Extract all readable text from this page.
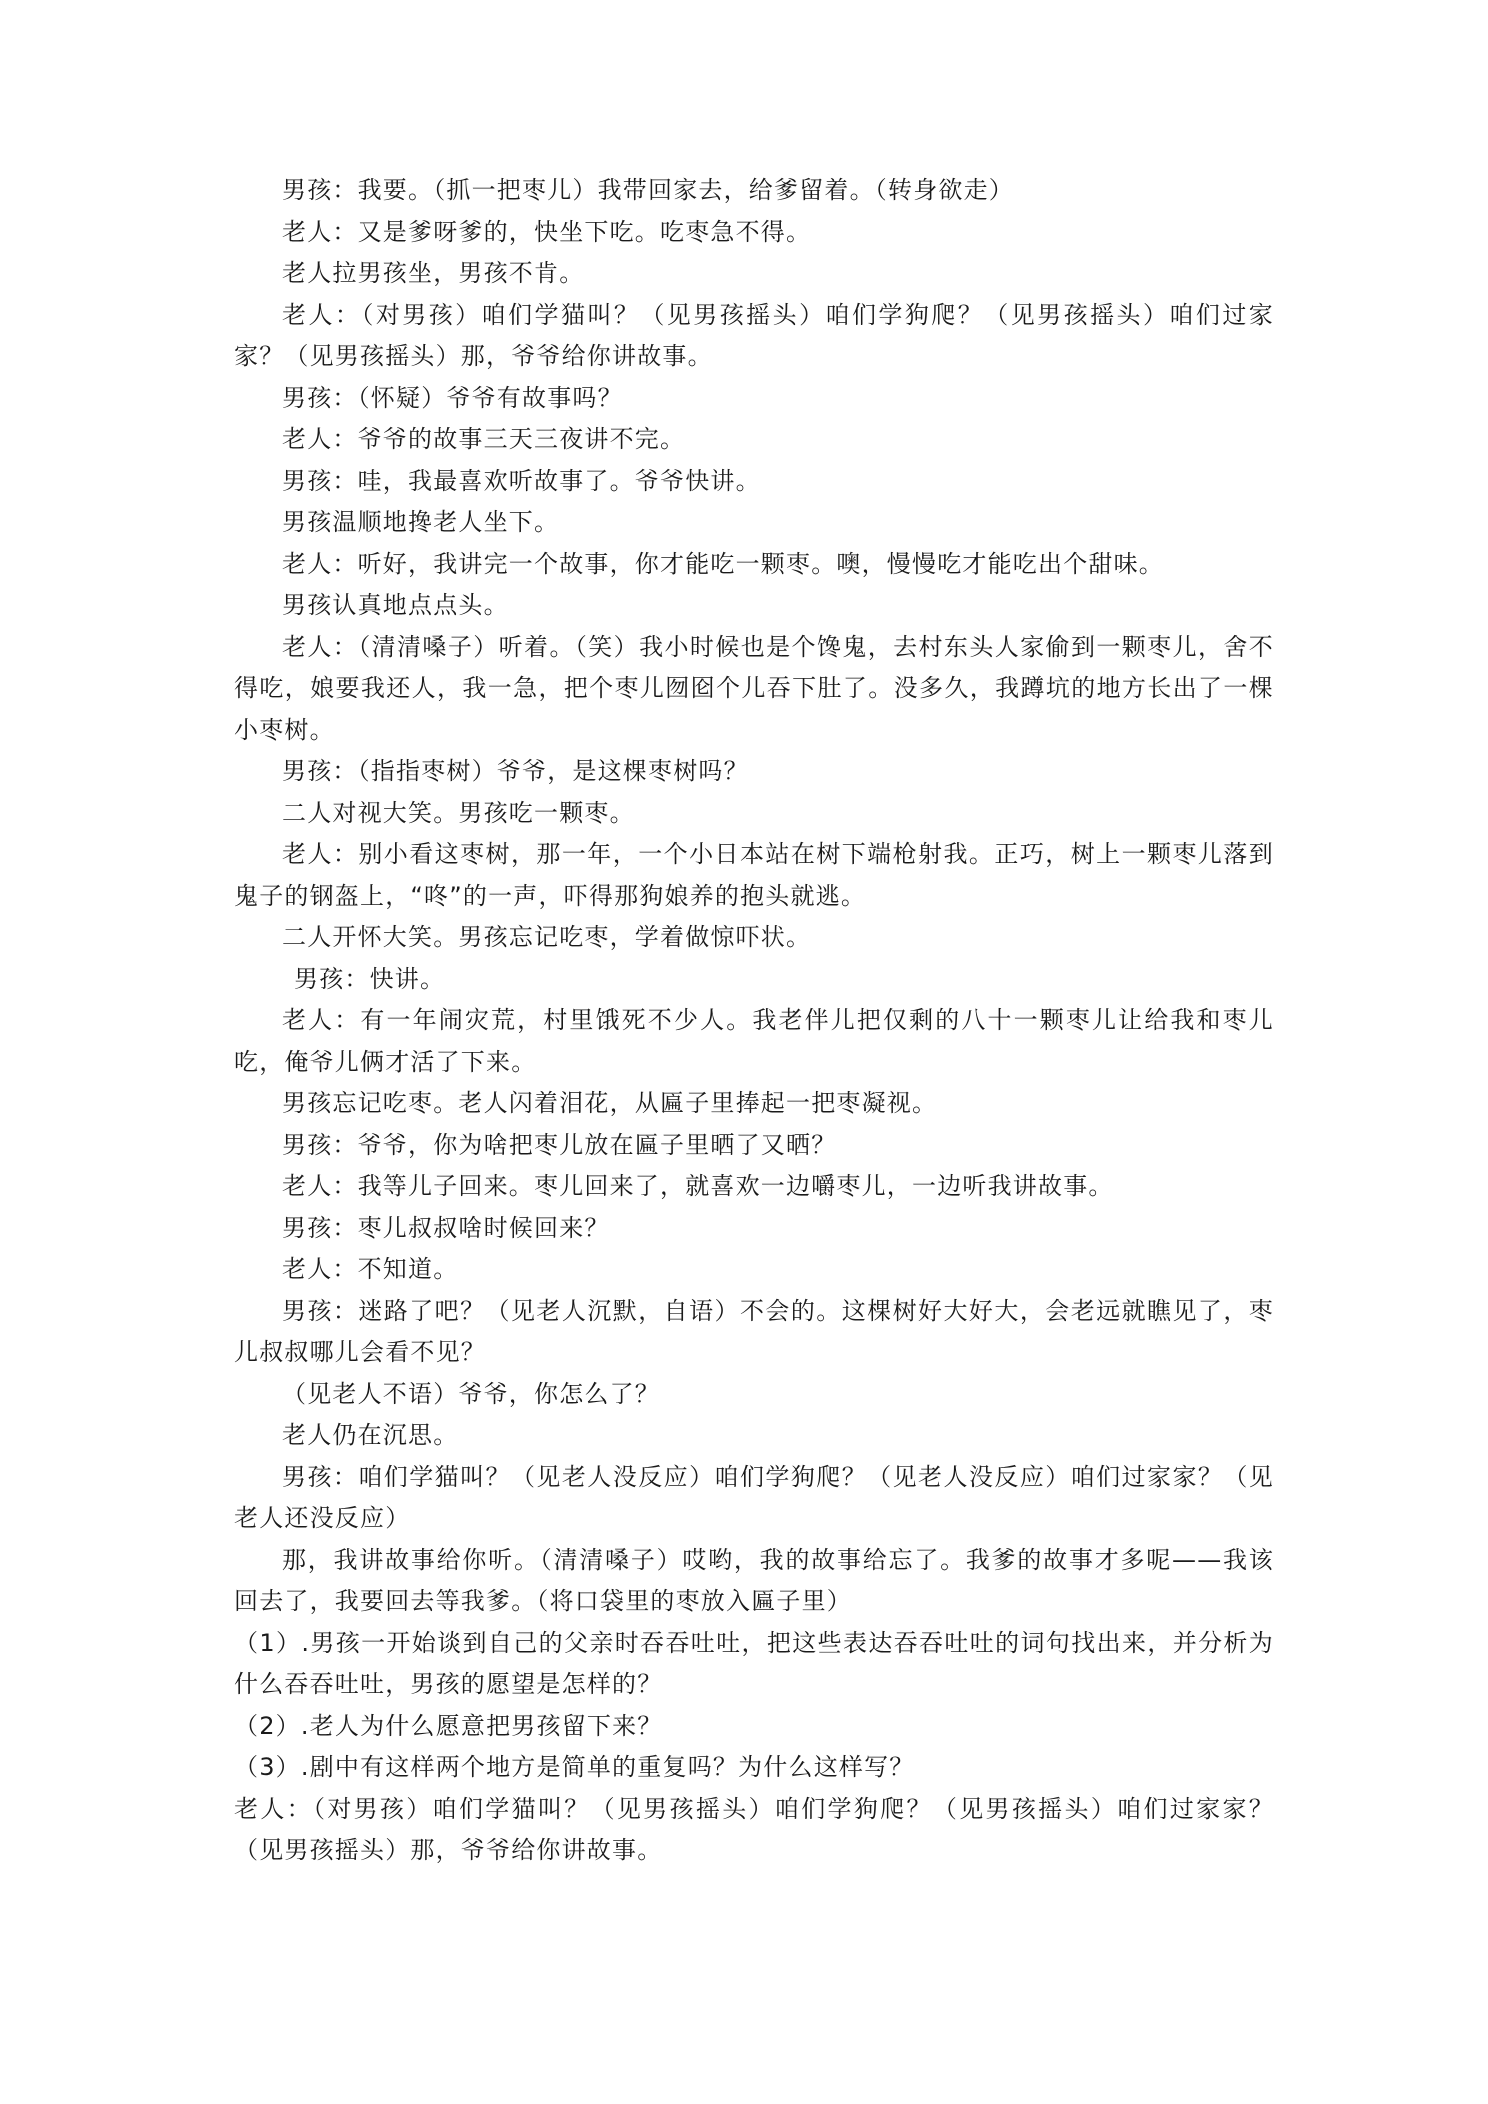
男孩：我要。（抓一把枣儿）我带回家去，给爹留着。（转身欲走）

老人：又是爹呀爹的，快坐下吃。吃枣急不得。

老人拉男孩坐，男孩不肯。

老人：（对男孩）咱们学猫叫？（见男孩摇头）咱们学狗爬？（见男孩摇头）咱们过家家？（见男孩摇头）那，爷爷给你讲故事。

男孩：（怀疑）爷爷有故事吗？

老人：爷爷的故事三天三夜讲不完。

男孩：哇，我最喜欢听故事了。爷爷快讲。

男孩温顺地搀老人坐下。

老人：听好，我讲完一个故事，你才能吃一颗枣。噢，慢慢吃才能吃出个甜味。

男孩认真地点点头。

老人：（清清嗓子）听着。（笑）我小时候也是个馋鬼，去村东头人家偷到一颗枣儿，舍不得吃，娘要我还人，我一急，把个枣儿囫囵个儿吞下肚了。没多久，我蹲坑的地方长出了一棵小枣树。

男孩：（指指枣树）爷爷，是这棵枣树吗？

二人对视大笑。男孩吃一颗枣。

老人：别小看这枣树，那一年，一个小日本站在树下端枪射我。正巧，树上一颗枣儿落到鬼子的钢盔上，“咚”的一声，吓得那狗娘养的抱头就逃。

二人开怀大笑。男孩忘记吃枣，学着做惊吓状。

男孩：快讲。

老人：有一年闹灾荒，村里饿死不少人。我老伴儿把仅剩的八十一颗枣儿让给我和枣儿吃，俺爷儿俩才活了下来。

男孩忘记吃枣。老人闪着泪花，从匾子里捧起一把枣凝视。

男孩：爷爷，你为啥把枣儿放在匾子里晒了又晒？

老人：我等儿子回来。枣儿回来了，就喜欢一边嚼枣儿，一边听我讲故事。

男孩：枣儿叔叔啥时候回来？

老人：不知道。

男孩：迷路了吧？（见老人沉默，自语）不会的。这棵树好大好大，会老远就瞧见了，枣儿叔叔哪儿会看不见？

（见老人不语）爷爷，你怎么了？

老人仍在沉思。

男孩：咱们学猫叫？（见老人没反应）咱们学狗爬？（见老人没反应）咱们过家家？（见老人还没反应）

那，我讲故事给你听。（清清嗓子）哎哟，我的故事给忘了。我爹的故事才多呢——我该回去了，我要回去等我爹。（将口袋里的枣放入匾子里）

（1）.男孩一开始谈到自己的父亲时吞吞吐吐，把这些表达吞吞吐吐的词句找出来，并分析为什么吞吞吐吐，男孩的愿望是怎样的？

（2）.老人为什么愿意把男孩留下来？

（3）.剧中有这样两个地方是简单的重复吗？为什么这样写？

老人：（对男孩）咱们学猫叫？（见男孩摇头）咱们学狗爬？（见男孩摇头）咱们过家家？（见男孩摇头）那，爷爷给你讲故事。
